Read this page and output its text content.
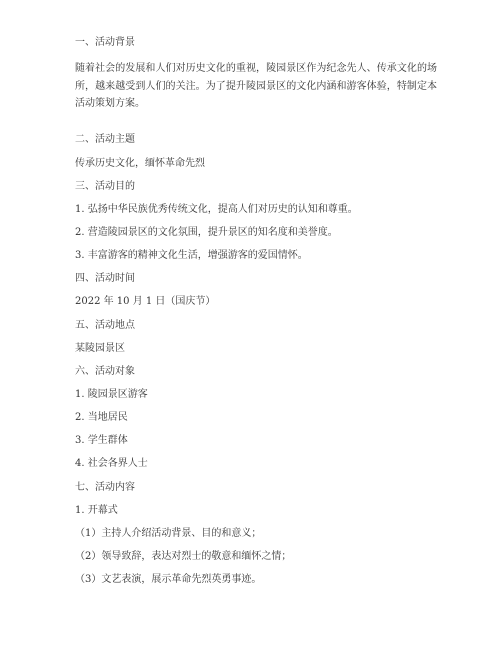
一、活动背景
随着社会的发展和人们对历史文化的重视，陵园景区作为纪念先人、传承文化的场所，越来越受到人们的关注。为了提升陵园景区的文化内涵和游客体验，特制定本活动策划方案。
二、活动主题
传承历史文化，缅怀革命先烈
三、活动目的
1. 弘扬中华民族优秀传统文化，提高人们对历史的认知和尊重。
2. 营造陵园景区的文化氛围，提升景区的知名度和美誉度。
3. 丰富游客的精神文化生活，增强游客的爱国情怀。
四、活动时间
2022 年 10 月 1 日（国庆节）
五、活动地点
某陵园景区
六、活动对象
1. 陵园景区游客
2. 当地居民
3. 学生群体
4. 社会各界人士
七、活动内容
1. 开幕式
（1）主持人介绍活动背景、目的和意义；
（2）领导致辞，表达对烈士的敬意和缅怀之情；
（3）文艺表演，展示革命先烈英勇事迹。
